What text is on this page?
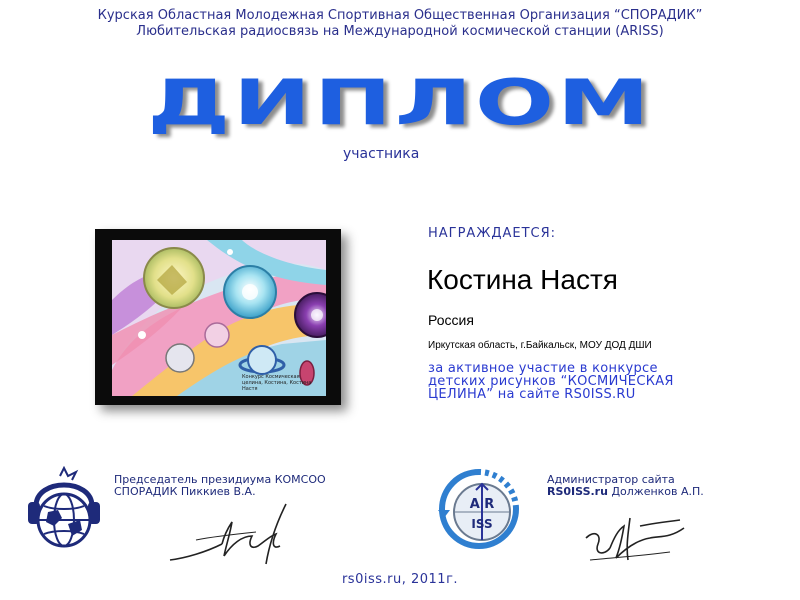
Курская Областная Молодежная Спортивная Общественная Организация “СПОРАДИК”
Любительская радиосвязь на Международной космической станции (ARISS)
ДИПЛОМ
участника
Конкурс Космическая целина, Костина, Костина Настя
НАГРАЖДАЕТСЯ:
Костина Настя
Россия
Иркутская область, г.Байкальск, МОУ ДОД ДШИ
за активное участие в конкурсе
детских рисунков “КОСМИЧЕСКАЯ
ЦЕЛИНА” на сайте RS0ISS.RU
Председатель президиума КОМСОО
СПОРАДИК Пиккиев В.А.
A R
ISS
Администратор сайта
RS0ISS.ru Долженков А.П.
rs0iss.ru, 2011г.
